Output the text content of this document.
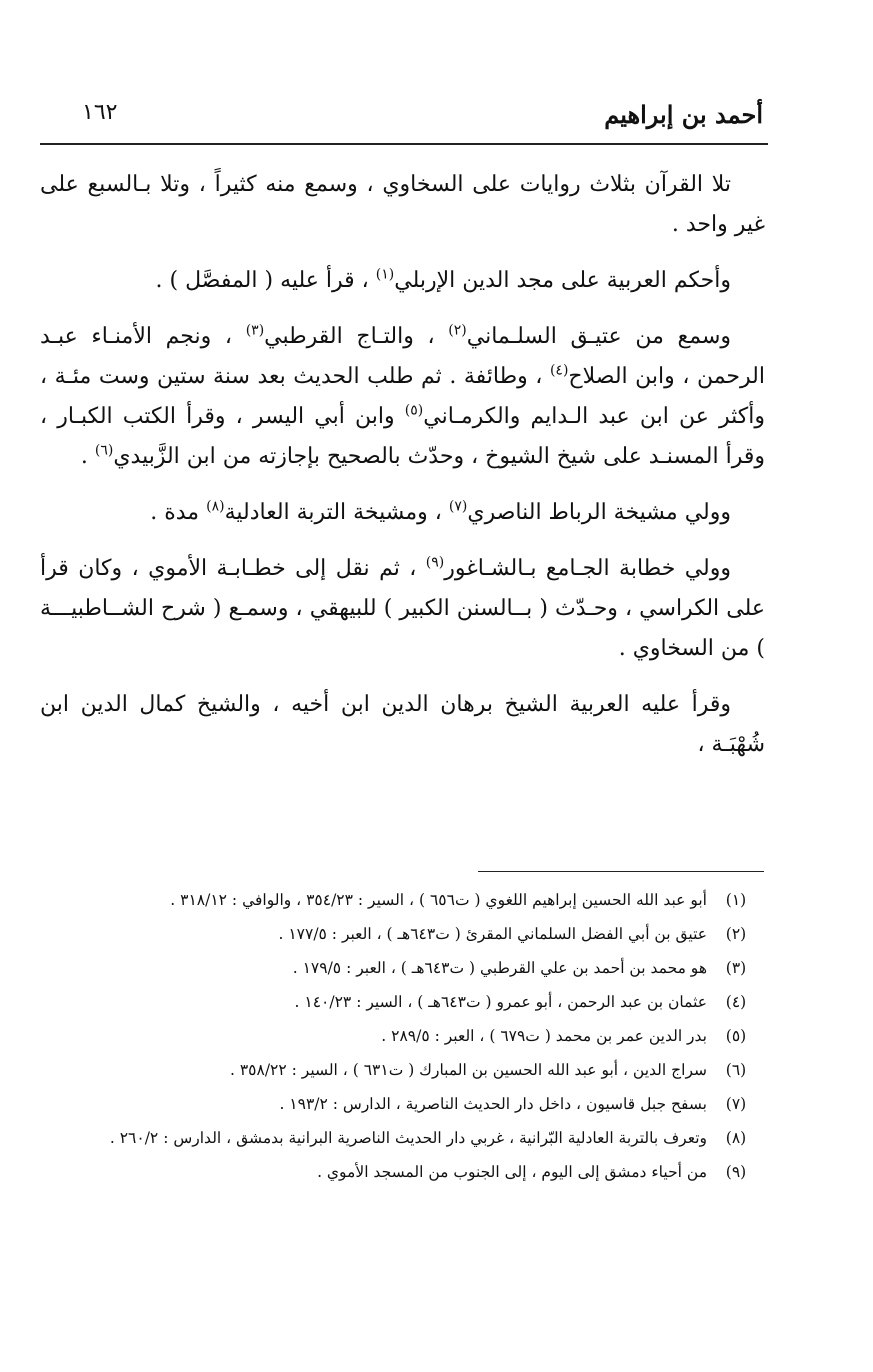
أحمد بن إبراهيم
١٦٢

تلا القرآن بثلاث روايات على السخاوي ، وسمع منه كثيراً ، وتلا بـالسبع على غير واحد .

وأحكم العربية على مجد الدين الإربلي$^{(١)}$ ، قرأ عليه ( المفصَّل ) .

وسمع من عتيـق السلـماني$^{(٢)}$ ، والتـاج القرطبي$^{(٣)}$ ، ونجم الأمنـاء عبـد الرحمن ، وابن الصلاح$^{(٤)}$ ، وطائفة . ثم طلب الحديث بعد سنة ستين وست مئـة ، وأكثر عن ابن عبد الـدايم والكرمـاني$^{(٥)}$ وابن أبي اليسر ، وقرأ الكتب الكبـار ، وقرأ المسنـد على شيخ الشيوخ ، وحدّث بالصحيح بإجازته من ابن الزَّبيدي$^{(٦)}$ .

وولي مشيخة الرباط الناصري$^{(٧)}$ ، ومشيخة التربة العادلية$^{(٨)}$ مدة .

وولي خطابة الجـامع بـالشـاغور$^{(٩)}$ ، ثم نقل إلى خطـابـة الأموي ، وكان قرأ على الكراسي ، وحـدّث ( بــالسنن الكبير ) للبيهقي ، وسمـع ( شرح الشــاطبيـــة ) من السخاوي .

وقرأ عليه العربية الشيخ برهان الدين ابن أخيه ، والشيخ كمال الدين ابن شُهْبَـة ،

(١)
أبو عبد الله الحسين إبراهيم اللغوي ( ت٦٥٦ ) ، السير : ٣٥٤/٢٣ ، والوافي : ٣١٨/١٢ .
(٢)
عتيق بن أبي الفضل السلماني المقرئ ( ت٦٤٣هـ ) ، العبر : ١٧٧/٥ .
(٣)
هو محمد بن أحمد بن علي القرطبي ( ت٦٤٣هـ ) ، العبر : ١٧٩/٥ .
(٤)
عثمان بن عبد الرحمن ، أبو عمرو ( ت٦٤٣هـ ) ، السير : ١٤٠/٢٣ .
(٥)
بدر الدين عمر بن محمد ( ت٦٧٩ ) ، العبر : ٢٨٩/٥ .
(٦)
سراج الدين ، أبو عبد الله الحسين بن المبارك ( ت٦٣١ ) ، السير : ٣٥٨/٢٢ .
(٧)
بسفح جبل قاسيون ، داخل دار الحديث الناصرية ، الدارس : ١٩٣/٢ .
(٨)
وتعرف بالتربة العادلية البّرانية ، غربي دار الحديث الناصرية البرانية بدمشق ، الدارس : ٢٦٠/٢ .
(٩)
من أحياء دمشق إلى اليوم ، إلى الجنوب من المسجد الأموي .
